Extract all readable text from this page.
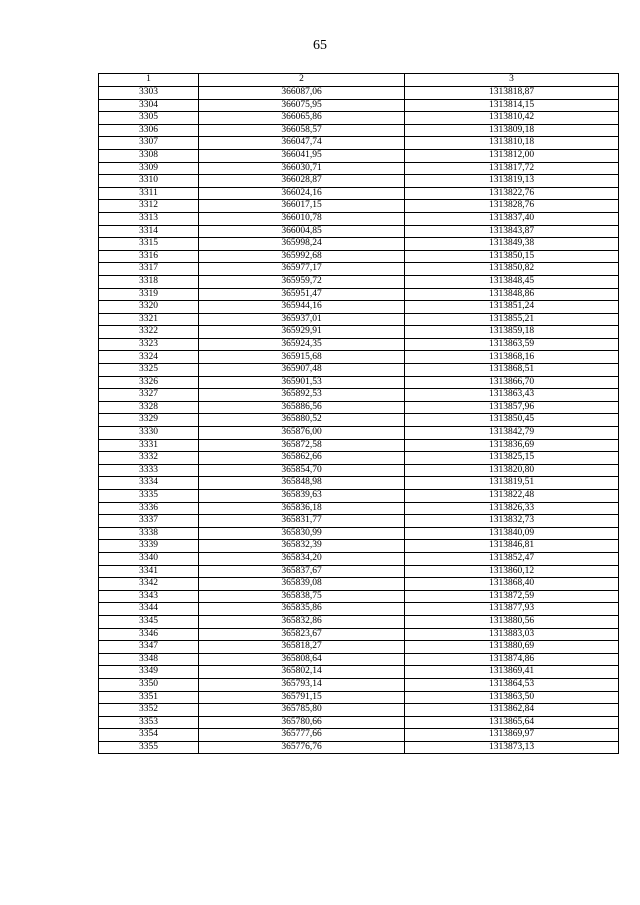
65
1	2	3
3303	366087,06	1313818,87
3304	366075,95	1313814,15
3305	366065,86	1313810,42
3306	366058,57	1313809,18
3307	366047,74	1313810,18
3308	366041,95	1313812,00
3309	366030,71	1313817,72
3310	366028,87	1313819,13
3311	366024,16	1313822,76
3312	366017,15	1313828,76
3313	366010,78	1313837,40
3314	366004,85	1313843,87
3315	365998,24	1313849,38
3316	365992,68	1313850,15
3317	365977,17	1313850,82
3318	365959,72	1313848,45
3319	365951,47	1313848,86
3320	365944,16	1313851,24
3321	365937,01	1313855,21
3322	365929,91	1313859,18
3323	365924,35	1313863,59
3324	365915,68	1313868,16
3325	365907,48	1313868,51
3326	365901,53	1313866,70
3327	365892,53	1313863,43
3328	365886,56	1313857,96
3329	365880,52	1313850,45
3330	365876,00	1313842,79
3331	365872,58	1313836,69
3332	365862,66	1313825,15
3333	365854,70	1313820,80
3334	365848,98	1313819,51
3335	365839,63	1313822,48
3336	365836,18	1313826,33
3337	365831,77	1313832,73
3338	365830,99	1313840,09
3339	365832,39	1313846,81
3340	365834,20	1313852,47
3341	365837,67	1313860,12
3342	365839,08	1313868,40
3343	365838,75	1313872,59
3344	365835,86	1313877,93
3345	365832,86	1313880,56
3346	365823,67	1313883,03
3347	365818,27	1313880,69
3348	365808,64	1313874,86
3349	365802,14	1313869,41
3350	365793,14	1313864,53
3351	365791,15	1313863,50
3352	365785,80	1313862,84
3353	365780,66	1313865,64
3354	365777,66	1313869,97
3355	365776,76	1313873,13
